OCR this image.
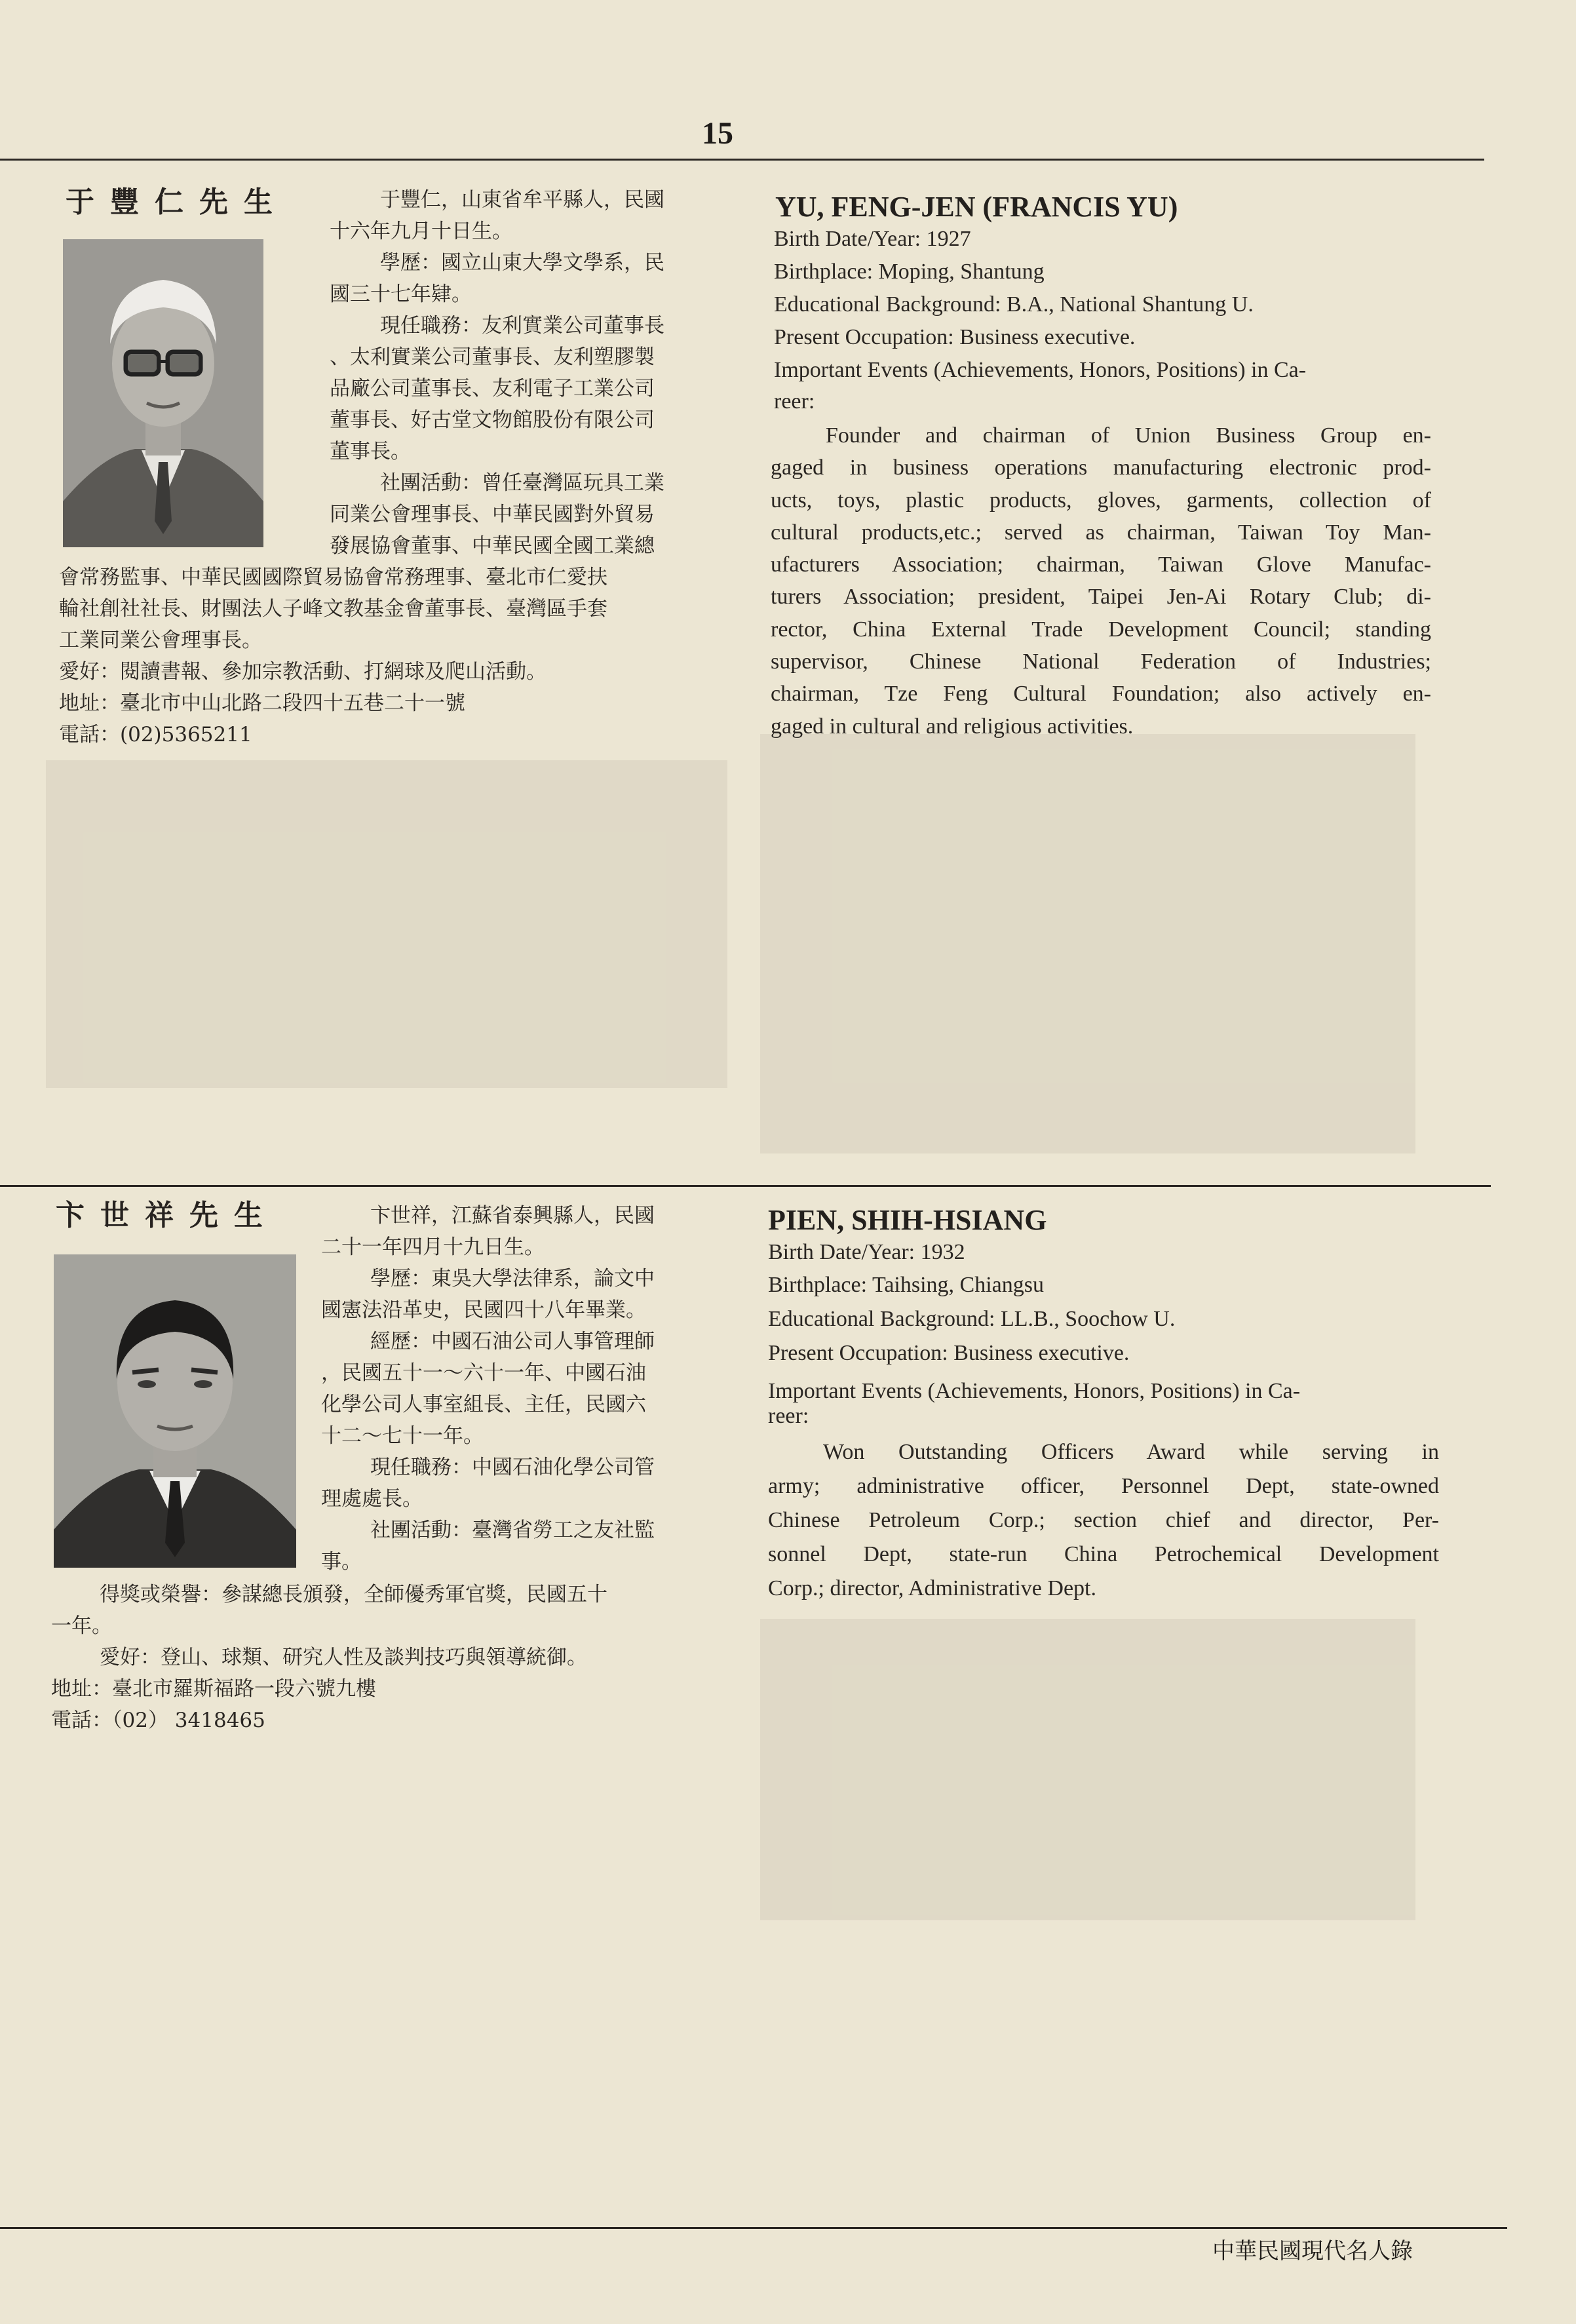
15
于豐仁先生	于豐仁，山東省牟平縣人，民國
十六年九月十日生。
學歷：國立山東大學文學系，民
國三十七年肄。
現任職務：友利實業公司董事長
、太利實業公司董事長、友利塑膠製
品廠公司董事長、友利電子工業公司
董事長、好古堂文物館股份有限公司
董事長。
社團活動：曾任臺灣區玩具工業
同業公會理事長、中華民國對外貿易
發展協會董事、中華民國全國工業總
會常務監事、中華民國國際貿易協會常務理事、臺北市仁愛扶
輪社創社社長、財團法人子峰文教基金會董事長、臺灣區手套
工業同業公會理事長。
愛好：閱讀書報、參加宗教活動、打網球及爬山活動。
地址：臺北市中山北路二段四十五巷二十一號
電話：(02)5365211
YU, FENG-JEN (FRANCIS YU)
Birth Date/Year: 1927
Birthplace: Moping, Shantung
Educational Background: B.A., National Shantung U.
Present Occupation: Business executive.
Important Events (Achievements, Honors, Positions) in Ca-
reer:
Founder and chairman of Union Business Group en-
gaged in business operations manufacturing electronic prod-
ucts, toys, plastic products, gloves, garments, collection of
cultural products,etc.; served as chairman, Taiwan Toy Man-
ufacturers Association; chairman, Taiwan Glove Manufac-
turers Association; president, Taipei Jen-Ai Rotary Club; di-
rector, China External Trade Development Council; standing
supervisor, Chinese National Federation of Industries;
chairman, Tze Feng Cultural Foundation; also actively en-
gaged in cultural and religious activities.
卞世祥先生	卞世祥，江蘇省泰興縣人，民國
二十一年四月十九日生。
學歷：東吳大學法律系，論文中
國憲法沿革史，民國四十八年畢業。
經歷：中國石油公司人事管理師
，民國五十一～六十一年、中國石油
化學公司人事室組長、主任，民國六
十二～七十一年。
現任職務：中國石油化學公司管
理處處長。
社團活動：臺灣省勞工之友社監
事。
得獎或榮譽：參謀總長頒發，全師優秀軍官獎，民國五十
一年。
愛好：登山、球類、研究人性及談判技巧與領導統御。
地址：臺北市羅斯福路一段六號九樓
電話：（02） 3418465
PIEN, SHIH-HSIANG
Birth Date/Year: 1932
Birthplace: Taihsing, Chiangsu
Educational Background: LL.B., Soochow U.
Present Occupation: Business executive.
Important Events (Achievements, Honors, Positions) in Ca-
reer:
Won Outstanding Officers Award while serving in
army; administrative officer, Personnel Dept, state-owned
Chinese Petroleum Corp.; section chief and director, Per-
sonnel Dept, state-run China Petrochemical Development
Corp.; director, Administrative Dept.
中華民國現代名人錄
